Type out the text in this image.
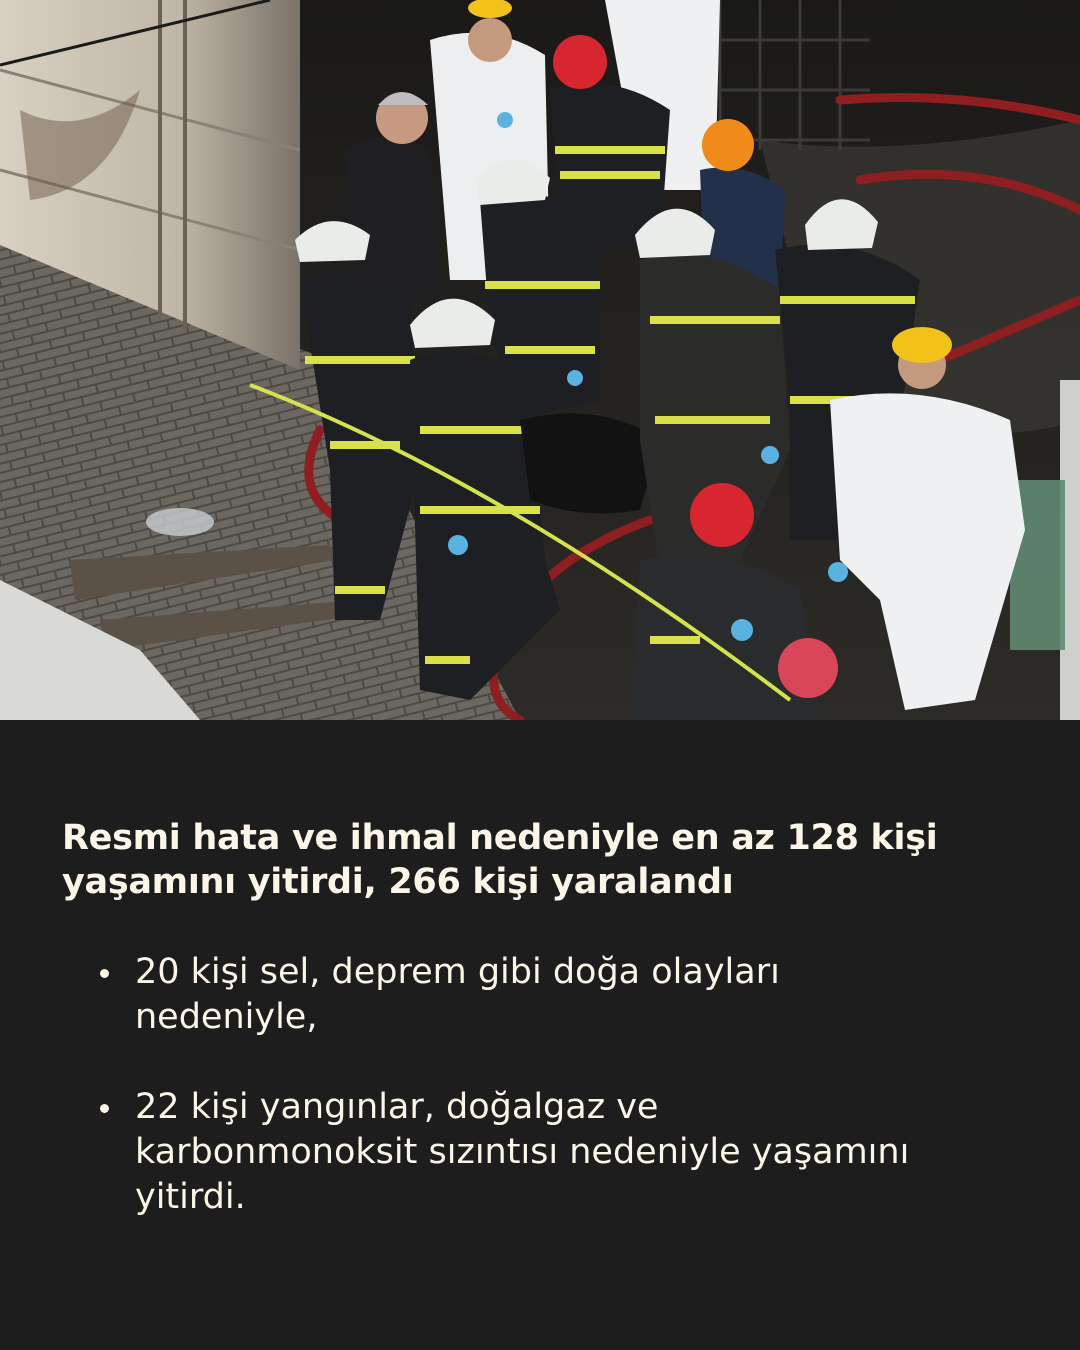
Resmi hata ve ihmal nedeniyle en az 128 kişi yaşamını yitirdi, 266 kişi yaralandı
20 kişi sel, deprem gibi doğa olayları nedeniyle,
22 kişi yangınlar, doğalgaz ve karbonmonoksit sızıntısı nedeniyle yaşamını yitirdi.
